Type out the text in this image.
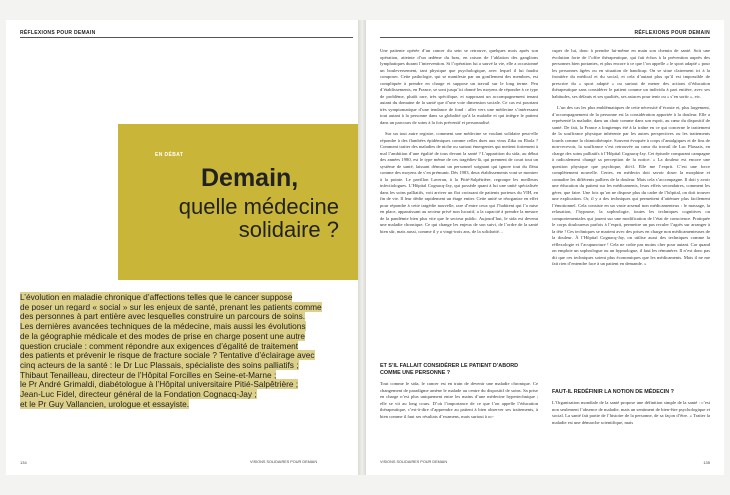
RÉFLEXIONS POUR DEMAIN
EN DÉBAT
Demain,
quelle médecine solidaire ?
L’évolution en maladie chronique d’affections telles que le cancer suppose
de poser un regard « social » sur les enjeux de santé, prenant les patients comme
des personnes à part entière avec lesquelles construire un parcours de soins.
Les dernières avancées techniques de la médecine, mais aussi les évolutions
de la géographie médicale et des modes de prise en charge posent une autre
question cruciale : comment répondre aux exigences d’égalité de traitement
des patients et prévenir le risque de fracture sociale ? Tentative d’éclairage avec
cinq acteurs de la santé : le Dr Luc Plassais, spécialiste des soins palliatifs ;
Thibaut Tenailleau, directeur de l’Hôpital Forcilles en Seine-et-Marne ;
le Pr André Grimaldi, diabétologue à l’Hôpital universitaire Pitié-Salpêtrière ;
Jean-Luc Fidel, directeur général de la Fondation Cognacq-Jay ;
et le Pr Guy Vallancien, urologue et essayiste.

134	VISIONS SOLIDAIRES POUR DEMAIN
RÉFLEXIONS POUR DEMAIN

Une patiente opérée d’un cancer du sein se retrouve, quelques mois après son opération, atteinte d’un œdème du bras, en raison de l’ablation des ganglions lymphatiques durant l’intervention. Si l’opération lui a sauvé la vie, elle a occasionné un bouleversement, tant physique que psychologique, avec lequel il lui faudra composer. Cette pathologie, qui se manifeste par un gonflement des membres, est compliquée à prendre en charge et suppose un travail sur le long terme. Peu d’établissements, en France, se sont jusqu’ici donné les moyens de répondre à ce type de problème, plutôt rare, très spécifique, et supposant un accompagnement tenant autant du domaine de la santé que d’une voie dimension sociale. Ce cas est pourtant très symptomatique d’une tendance de fond : aller vers une médecine s’intéressant tout autant à la personne dans sa globalité qu’à la maladie et qui intègre le patient dans un parcours de soins à la fois préventif et personnalisé.

Sur un tout autre registre, comment une médecine se voulant solidaire peut-elle répondre à des flambées épidémiques comme celles dues aux virus Zika ou Ebola ? Comment traiter des maladies de niche ou surtout émergentes qui mettent fortement à mal l’ambition d’une égalité de tous devant la santé ? L’apparition du sida, au début des années 1980, est le type même de ces tragédies-là, qui prennent de court tout un système de santé, laissant démuni un personnel soignant qui ignore tout du fléau comme des moyens de s’en prémunir. Dès 1983, deux établissements vont se montrer à la pointe. Le pavillon Laveran, à la Pitié-Salpêtrière, regroupe les meilleurs infectiologues. L’Hôpital Cognacq-Jay, qui possède quant à lui une unité spécialisée dans les soins palliatifs, voit arriver un flot croissant de patients porteurs du VIH, en fin de vie. Il leur dédie rapidement un étage entier. Cette unité se réorganise en effet pour répondre à cette tragédie nouvelle, rare d’entre ceux qui l’habitent qui l’a mise en place, apparaissant au secteur privé non lucratif, a la capacité à prendre la mesure de la pandémie bien plus vite que le secteur public. Aujourd’hui, le sida est devenu une maladie chronique. Ce qui change les enjeux de son suivi, de l’ordre de la santé bien sûr, mais aussi, comme il y a vingt-trois ans, de la solidarité…

ET S’IL FALLAIT CONSIDÉRER LE PATIENT D’ABORD COMME UNE PERSONNE ?

Tout comme le sida, le cancer est en train de devenir une maladie chronique. Ce changement de paradigme amène le malade au centre du dispositif de soins. Sa prise en charge n’est plus uniquement entre les mains d’une médecine hypertechnique ; elle se vit au long cours. D’où l’importance de ce que l’on appelle l’éducation thérapeutique, c’est-à-dire d’apprendre au patient à bien observer ses traitements, à bien comme il faut ses résultats d’examens, mais surtout à oc-

cuper de lui, donc à prendre lui-même en main son chemin de santé. Soit une évolution forte de l’offre thérapeutique, qui fait échos à la prévention auprès des personnes bien portantes, et plus encore à ce que l’on appelle « le sport adapté » pour les personnes âgées ou en situation de handicap. On se situe clairement ici à la frontière du médical et du social, et cela d’autant plus qu’il est impossible de prescrire du « sport adapté » ou surtout de mener des actions d’éducation thérapeutique sans considérer le patient comme un individu à part entière, avec ses habitudes, ses défauts et ses qualités, ses astuces pour tenir ou « s’en sortir », etc.

L’un des cas les plus emblématiques de cette nécessité d’écoute et, plus largement, d’accompagnement de la personne est la considération apportée à la douleur. Elle a représenté la maladie, dans un chair comme dans son esprit, au cœur du dispositif de santé. De fait, la France a longtemps été à la traîne en ce qui concerne le traitement de la souffrance physique inhérente par les autres perspectives ou les traitements lourds comme la chimiothérapie. Souvent évoquée à corps d’antalgiques et de fins de non-recevoir, la souffrance s’est retrouvée au cœur du travail de Luc Plassais, en charge des soins palliatifs à l’Hôpital Cognacq-Jay. Cet épisode comparant campagne à radicalement changé sa perception de la notice. « La douleur est encore une question physique que psychique, dit-il. Elle me l’exprit. C’est une force complètement nouvelle. Certes, en médecin doit savoir doser la morphine et connaître les différents palliers de la douleur. Mais cela s’accompagne. Il doit y avoir une éducation du patient sur les médicaments, leurs effets secondaires, comment les gérer, que faire. Une fois qu’on ne dispose plus du cadre de l’hôpital, on doit trouver une explication. Or, il y a des techniques qui permettent d’atténuer plus facilement l’émotionnel. Cela consiste en un vaste arsenal non médicamenteux : le massage, la relaxation, l’hypnose, la sophrologie, toutes les techniques cognitives ou comportementales qui jouent sur une modification de l’état de conscience. Pratiquée le corps douloureux parfois à l’esprit, permettre un pas reculer l’agrès sur arranger à la tête ! Ces techniques se marient avec des prises en charge non médicamenteuses de la douleur. À l’Hôpital Cognacq-Jay, on utilise aussi des techniques comme la réflexologie et l’acupuncture ! Cela ne coûte pas moins cher pour autant. Car quand on emploie un sophrologue ou un hypnologue, il faut les rémunérer. Il n’est donc pas dit que ces techniques soient plus économiques que les médicaments. Mais il ne me fait rien d’entendre face à un patient en demande. »

FAUT-IL REDÉFINIR LA NOTION DE MÉDECIN ?

L’Organisation mondiale de la santé propose une définition simple de la santé : c’est non seulement l’absence de maladie, mais un sentiment de bien-être psychologique et social. La santé fait partie de l’histoire de la personne, de sa façon d’être. « Traiter la maladie est une démarche scientifique, mais

VISIONS SOLIDAIRES POUR DEMAIN	135
